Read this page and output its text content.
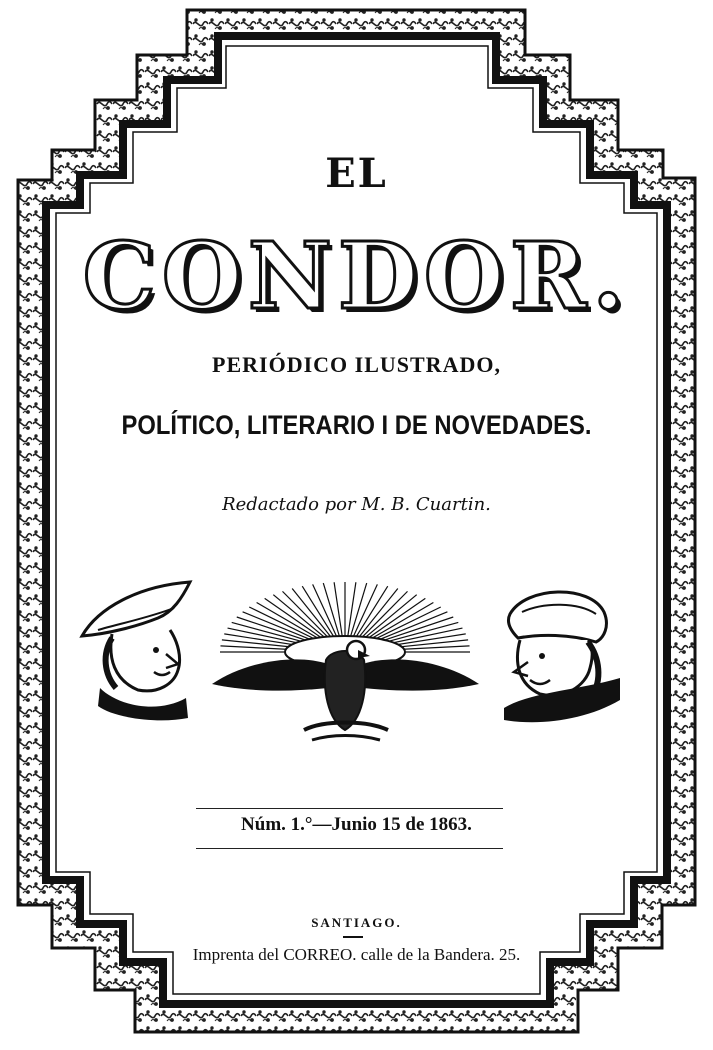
EL
CONDOR.
PERIÓDICO ILUSTRADO,
POLÍTICO, LITERARIO I DE NOVEDADES.
Redactado por M. B. Cuartin.
Núm. 1.°—Junio 15 de 1863.
SANTIAGO.
Imprenta del CORREO. calle de la Bandera. 25.
